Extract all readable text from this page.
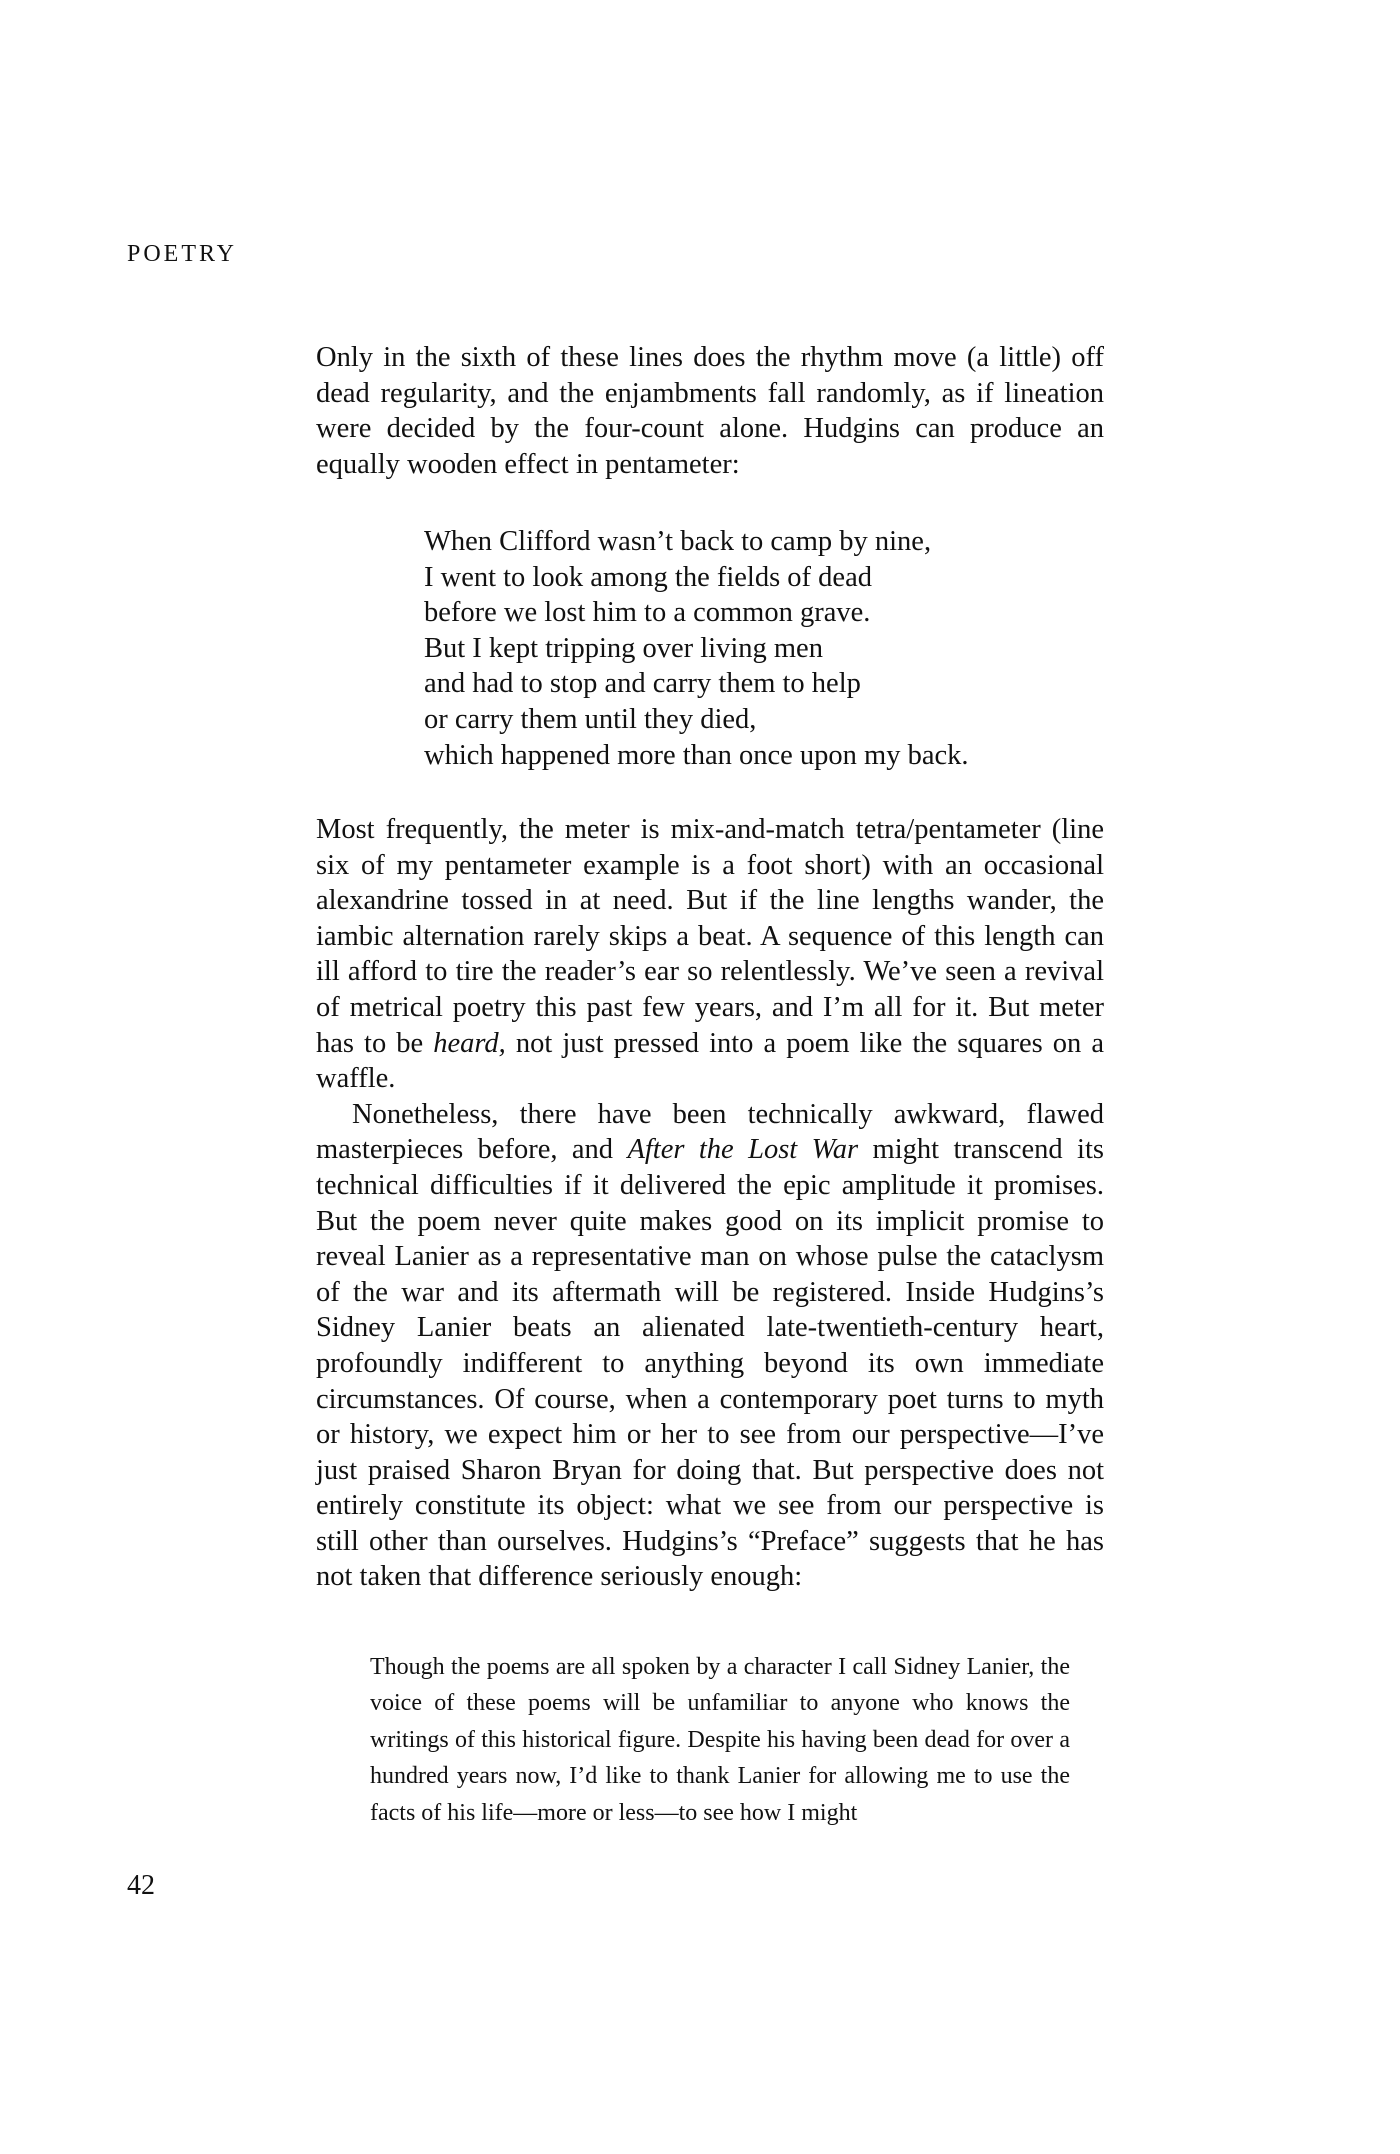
POETRY

Only in the sixth of these lines does the rhythm move (a little) off dead regularity, and the enjambments fall randomly, as if lineation were decided by the four-count alone. Hudgins can produce an equally wooden effect in pentameter:

When Clifford wasn’t back to camp by nine,
I went to look among the fields of dead
before we lost him to a common grave.
But I kept tripping over living men
and had to stop and carry them to help
or carry them until they died,
which happened more than once upon my back.

Most frequently, the meter is mix-and-match tetra/pentameter (line six of my pentameter example is a foot short) with an occasional alexandrine tossed in at need. But if the line lengths wander, the iambic alternation rarely skips a beat. A sequence of this length can ill afford to tire the reader’s ear so relentlessly. We’ve seen a revival of metrical poetry this past few years, and I’m all for it. But meter has to be heard, not just pressed into a poem like the squares on a waffle.

Nonetheless, there have been technically awkward, flawed masterpieces before, and After the Lost War might transcend its technical difficulties if it delivered the epic amplitude it promises. But the poem never quite makes good on its implicit promise to reveal Lanier as a representative man on whose pulse the cataclysm of the war and its aftermath will be registered. Inside Hudgins’s Sidney Lanier beats an alienated late-twentieth-century heart, profoundly indifferent to anything beyond its own immediate circumstances. Of course, when a contemporary poet turns to myth or history, we expect him or her to see from our perspective—I’ve just praised Sharon Bryan for doing that. But perspective does not entirely constitute its object: what we see from our perspective is still other than ourselves. Hudgins’s “Preface” suggests that he has not taken that difference seriously enough:

Though the poems are all spoken by a character I call Sidney Lanier, the voice of these poems will be unfamiliar to anyone who knows the writings of this historical figure. Despite his having been dead for over a hundred years now, I’d like to thank Lanier for allowing me to use the facts of his life—more or less—to see how I might
42
